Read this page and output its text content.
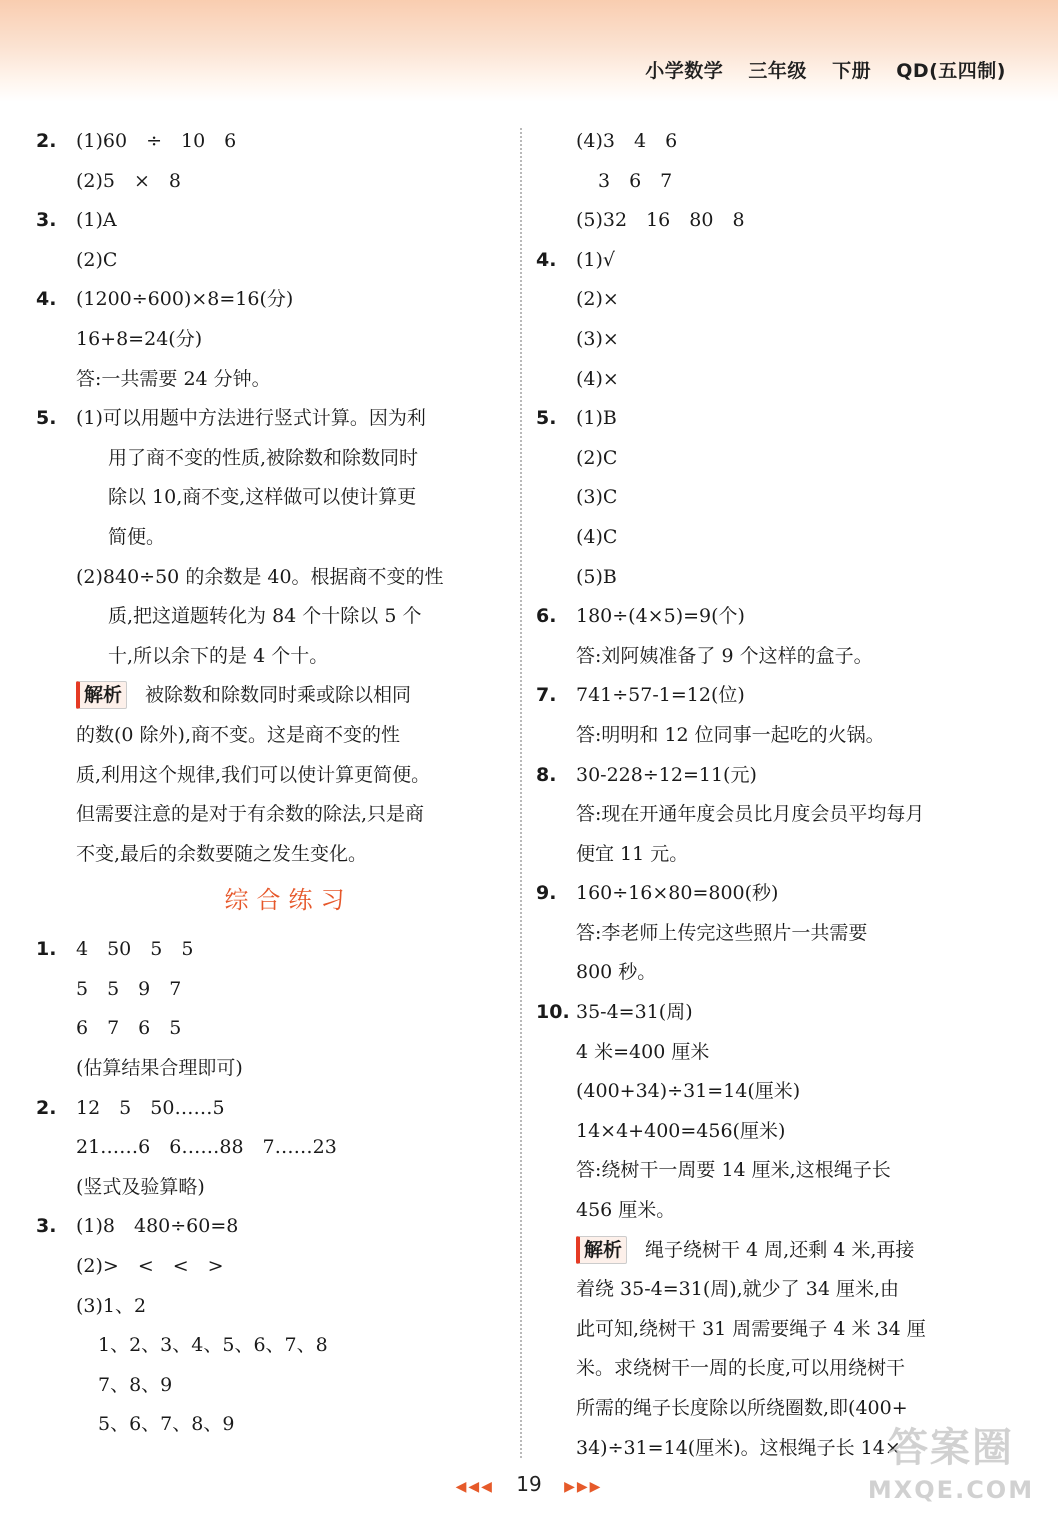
小学数学 三年级 下册 QD(五四制)
2. (1)60　÷　10　6
(2)5　×　8
3. (1)A
(2)C
4. (1200÷600)×8=16(分)
16+8=24(分)
答:一共需要 24 分钟。
5. (1)可以用题中方法进行竖式计算。因为利
用了商不变的性质,被除数和除数同时
除以 10,商不变,这样做可以使计算更
简便。
(2)840÷50 的余数是 40。根据商不变的性
质,把这道题转化为 84 个十除以 5 个
十,所以余下的是 4 个十。
解析 被除数和除数同时乘或除以相同
的数(0 除外),商不变。这是商不变的性
质,利用这个规律,我们可以使计算更简便。
但需要注意的是对于有余数的除法,只是商
不变,最后的余数要随之发生变化。
综合练习
1. 4　50　5　5
5　5　9　7
6　7　6　5
(估算结果合理即可)
2. 12　5　50……5
21……6　6……88　7……23
(竖式及验算略)
3. (1)8　480÷60=8
(2)>　<　<　>
(3)1、2
1、2、3、4、5、6、7、8
7、8、9
5、6、7、8、9
(4)3　4　6
3　6　7
(5)32　16　80　8
4. (1)√
(2)×
(3)×
(4)×
5. (1)B
(2)C
(3)C
(4)C
(5)B
6. 180÷(4×5)=9(个)
答:刘阿姨准备了 9 个这样的盒子。
7. 741÷57-1=12(位)
答:明明和 12 位同事一起吃的火锅。
8. 30-228÷12=11(元)
答:现在开通年度会员比月度会员平均每月
便宜 11 元。
9. 160÷16×80=800(秒)
答:李老师上传完这些照片一共需要
800 秒。
10. 35-4=31(周)
4 米=400 厘米
(400+34)÷31=14(厘米)
14×4+400=456(厘米)
答:绕树干一周要 14 厘米,这根绳子长
456 厘米。
解析 绳子绕树干 4 周,还剩 4 米,再接
着绕 35-4=31(周),就少了 34 厘米,由
此可知,绕树干 31 周需要绳子 4 米 34 厘
米。求绕树干一周的长度,可以用绕树干
所需的绳子长度除以所绕圈数,即(400+
34)÷31=14(厘米)。这根绳子长 14×
◀◀◀ 19 ▶▶▶
答案圈
MXQE.COM
